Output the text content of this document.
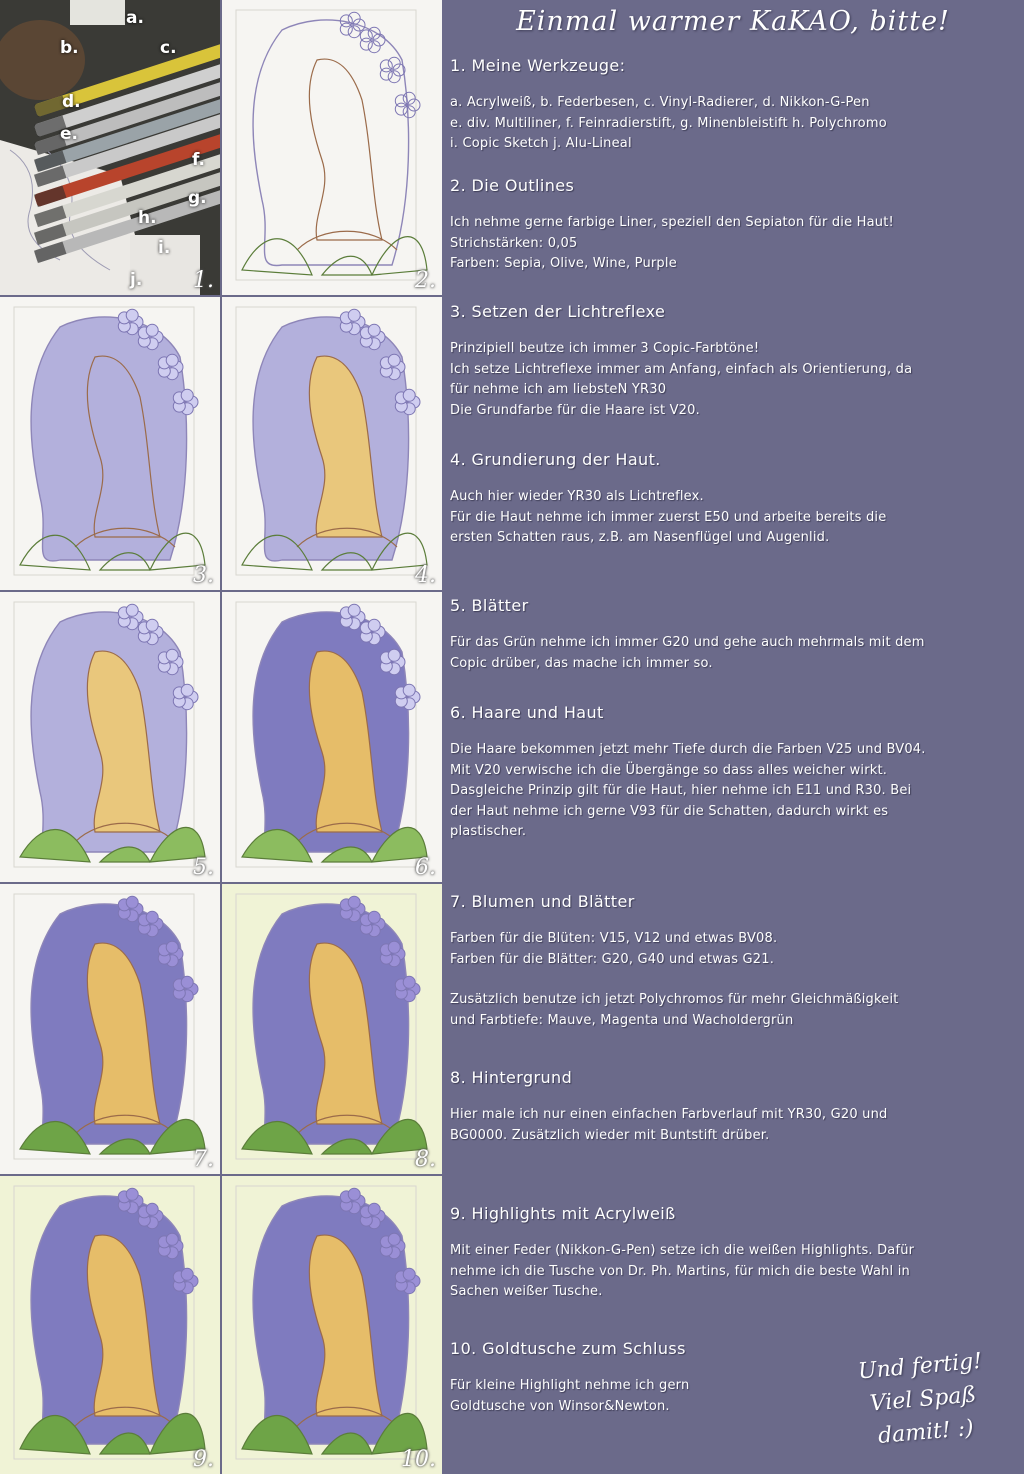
a.
b.	c.
d.
e.
f.
g.
h.
i.
j. 1.	2.
3.	4.
5.	6.
7.	8.
9.	10.
Einmal warmer KaKAO, bitte!
1. Meine Werkzeuge:

a. Acrylweiß, b. Federbesen, c. Vinyl-Radierer, d. Nikkon-G-Pen
e. div. Multiliner, f. Feinradierstift, g. Minenbleistift h. Polychromo
i. Copic Sketch j. Alu-Lineal

2. Die Outlines

Ich nehme gerne farbige Liner, speziell den Sepiaton für die Haut!
Strichstärken: 0,05
Farben: Sepia, Olive, Wine, Purple

3. Setzen der Lichtreflexe

Prinzipiell beutze ich immer 3 Copic-Farbtöne!
Ich setze Lichtreflexe immer am Anfang, einfach als Orientierung, da
für nehme ich am liebsteN YR30
Die Grundfarbe für die Haare ist V20.

4. Grundierung der Haut.

Auch hier wieder YR30 als Lichtreflex.
Für die Haut nehme ich immer zuerst E50 und arbeite bereits die
ersten Schatten raus, z.B. am Nasenflügel und Augenlid.

5. Blätter

Für das Grün nehme ich immer G20 und gehe auch mehrmals mit dem
Copic drüber, das mache ich immer so.

6. Haare und Haut

Die Haare bekommen jetzt mehr Tiefe durch die Farben V25 und BV04.
Mit V20 verwische ich die Übergänge so dass alles weicher wirkt.
Dasgleiche Prinzip gilt für die Haut, hier nehme ich E11 und R30. Bei
der Haut nehme ich gerne V93 für die Schatten, dadurch wirkt es
plastischer.

7. Blumen und Blätter

Farben für die Blüten: V15, V12 und etwas BV08.
Farben für die Blätter: G20, G40 und etwas G21.

Zusätzlich benutze ich jetzt Polychromos für mehr Gleichmäßigkeit
und Farbtiefe: Mauve, Magenta und Wacholdergrün

8. Hintergrund

Hier male ich nur einen einfachen Farbverlauf mit YR30, G20 und
BG0000. Zusätzlich wieder mit Buntstift drüber.

9. Highlights mit Acrylweiß

Mit einer Feder (Nikkon-G-Pen) setze ich die weißen Highlights. Dafür
nehme ich die Tusche von Dr. Ph. Martins, für mich die beste Wahl in
Sachen weißer Tusche.

10. Goldtusche zum Schluss

Für kleine Highlight nehme ich gern
Goldtusche von Winsor&Newton.

Und fertig!
Viel Spaß
damit! :)
